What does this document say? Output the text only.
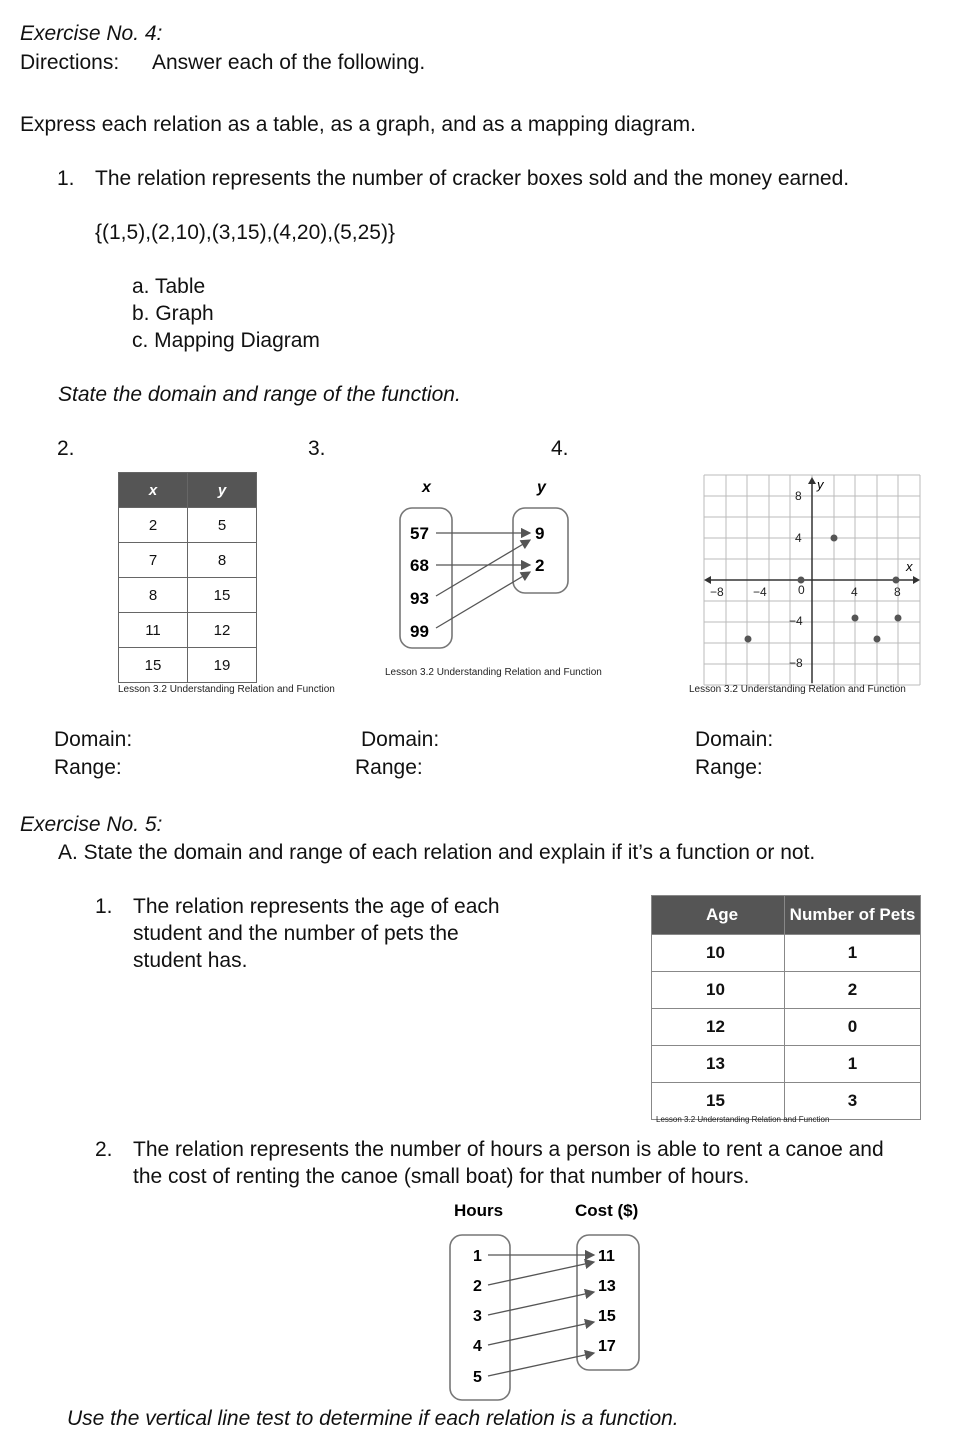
Exercise No. 4:
Directions: Answer each of the following.
Express each relation as a table, as a graph, and as a mapping diagram.
1. The relation represents the number of cracker boxes sold and the money earned.
{(1,5),(2,10),(3,15),(4,20),(5,25)}
a. Table
b. Graph
c. Mapping Diagram
State the domain and range of the function.
2.	3.	4.
x	y
2	5
7	8
8	15
11	12
15	19
Lesson 3.2 Understanding Relation and Function
x	y
57
68
93
99
9
2
Lesson 3.2 Understanding Relation and Function
y
x
−8 −4	0	4	8
8
4
−4
−8
Lesson 3.2 Understanding Relation and Function
Domain:
Range:
Domain:
Range:
Domain:
Range:
Exercise No. 5:
A. State the domain and range of each relation and explain if it’s a function or not.
1. The relation represents the age of each
student and the number of pets the
student has.
Age	Number of Pets
10	1
10	2
12	0
13	1
15	3
Lesson 3.2 Understanding Relation and Function
2. The relation represents the number of hours a person is able to rent a canoe and
the cost of renting the canoe (small boat) for that number of hours.
Hours	Cost ($)
1
2
3
4
5
11
13
15
17
Use the vertical line test to determine if each relation is a function.
